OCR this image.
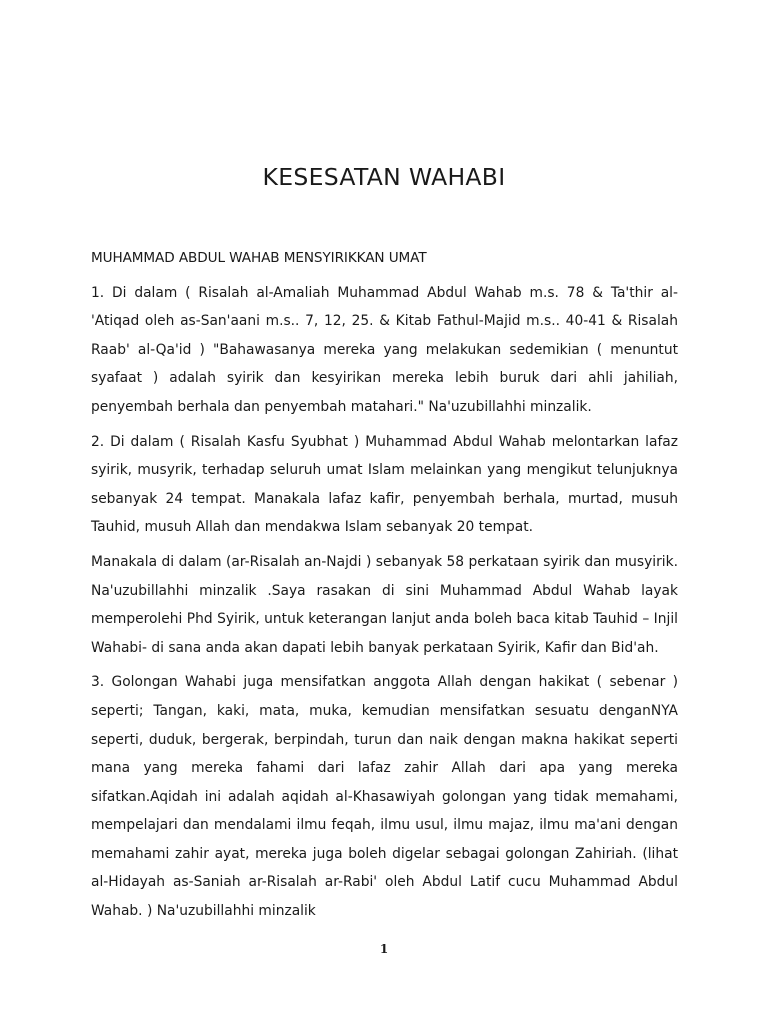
KESESATAN WAHABI

MUHAMMAD ABDUL WAHAB MENSYIRIKKAN UMAT

1. Di dalam ( Risalah al-Amaliah Muhammad Abdul Wahab m.s. 78 & Ta'thir al-'Atiqad oleh as-San'aani m.s.. 7, 12, 25. & Kitab Fathul-Majid m.s.. 40-41 & Risalah Raab' al-Qa'id ) "Bahawasanya mereka yang melakukan sedemikian ( menuntut syafaat ) adalah syirik dan kesyirikan mereka lebih buruk dari ahli jahiliah, penyembah berhala dan penyembah matahari." Na'uzubillahhi minzalik.

2. Di dalam ( Risalah Kasfu Syubhat ) Muhammad Abdul Wahab melontarkan lafaz syirik, musyrik, terhadap seluruh umat Islam melainkan yang mengikut telunjuknya sebanyak 24 tempat. Manakala lafaz kafir, penyembah berhala, murtad, musuh Tauhid, musuh Allah dan mendakwa Islam sebanyak 20 tempat.

Manakala di dalam (ar-Risalah an-Najdi ) sebanyak 58 perkataan syirik dan musyirik. Na'uzubillahhi minzalik .Saya rasakan di sini Muhammad Abdul Wahab layak memperolehi Phd Syirik, untuk keterangan lanjut anda boleh baca kitab Tauhid – Injil Wahabi- di sana anda akan dapati lebih banyak perkataan Syirik, Kafir dan Bid'ah.

3. Golongan Wahabi juga mensifatkan anggota Allah dengan hakikat ( sebenar ) seperti; Tangan, kaki, mata, muka, kemudian mensifatkan sesuatu denganNYA seperti, duduk, bergerak, berpindah, turun dan naik dengan makna hakikat seperti mana yang mereka fahami dari lafaz zahir Allah dari apa yang mereka sifatkan.Aqidah ini adalah aqidah al-Khasawiyah golongan yang tidak memahami, mempelajari dan mendalami ilmu feqah, ilmu usul, ilmu majaz, ilmu ma'ani dengan memahami zahir ayat, mereka juga boleh digelar sebagai golongan Zahiriah. (lihat al-Hidayah as-Saniah ar-Risalah ar-Rabi' oleh Abdul Latif cucu Muhammad Abdul Wahab. ) Na'uzubillahhi minzalik

1
